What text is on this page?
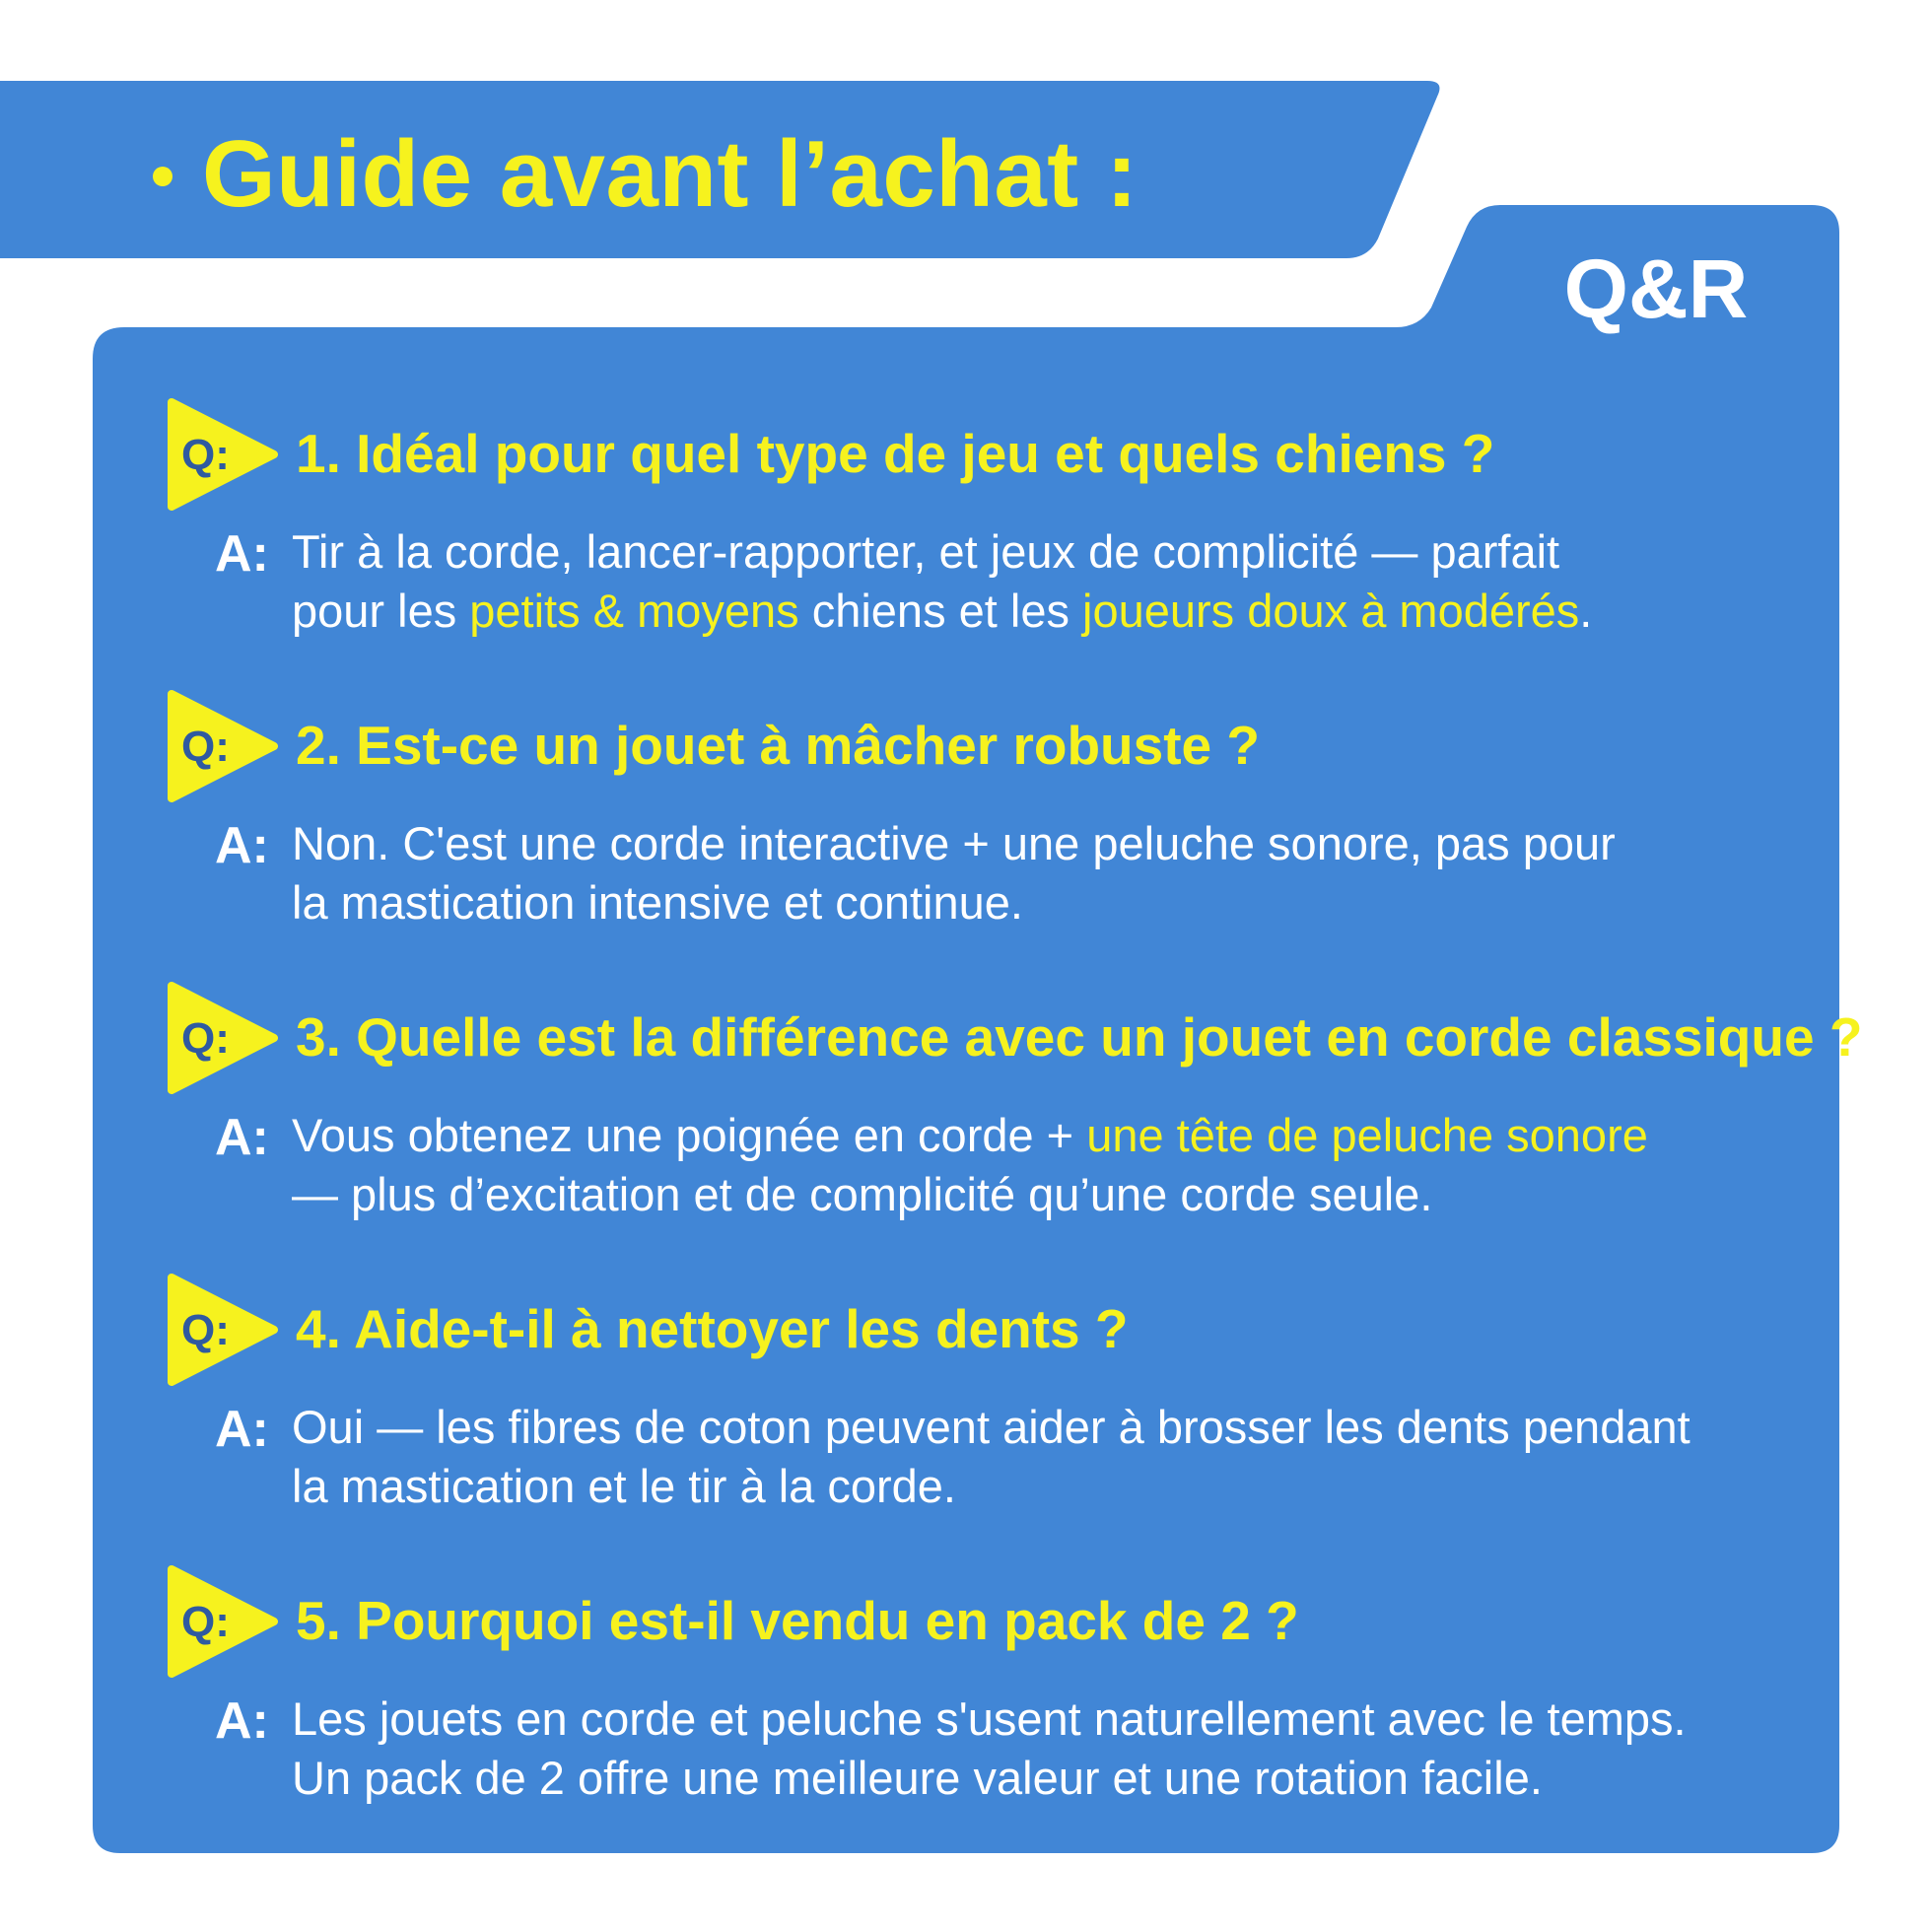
Guide avant l’achat :
Q&R
Q: 1. Idéal pour quel type de jeu et quels chiens ?
A: Tir à la corde, lancer-rapporter, et jeux de complicité — parfait
pour les petits & moyens chiens et les joueurs doux à modérés.
Q: 2. Est-ce un jouet à mâcher robuste ?
A: Non. C'est une corde interactive + une peluche sonore, pas pour
la mastication intensive et continue.
Q: 3. Quelle est la différence avec un jouet en corde classique ?
A: Vous obtenez une poignée en corde + une tête de peluche sonore
— plus d’excitation et de complicité qu’une corde seule.
Q: 4. Aide-t-il à nettoyer les dents ?
A: Oui — les fibres de coton peuvent aider à brosser les dents pendant
la mastication et le tir à la corde.
Q: 5. Pourquoi est-il vendu en pack de 2 ?
A: Les jouets en corde et peluche s'usent naturellement avec le temps.
Un pack de 2 offre une meilleure valeur et une rotation facile.
